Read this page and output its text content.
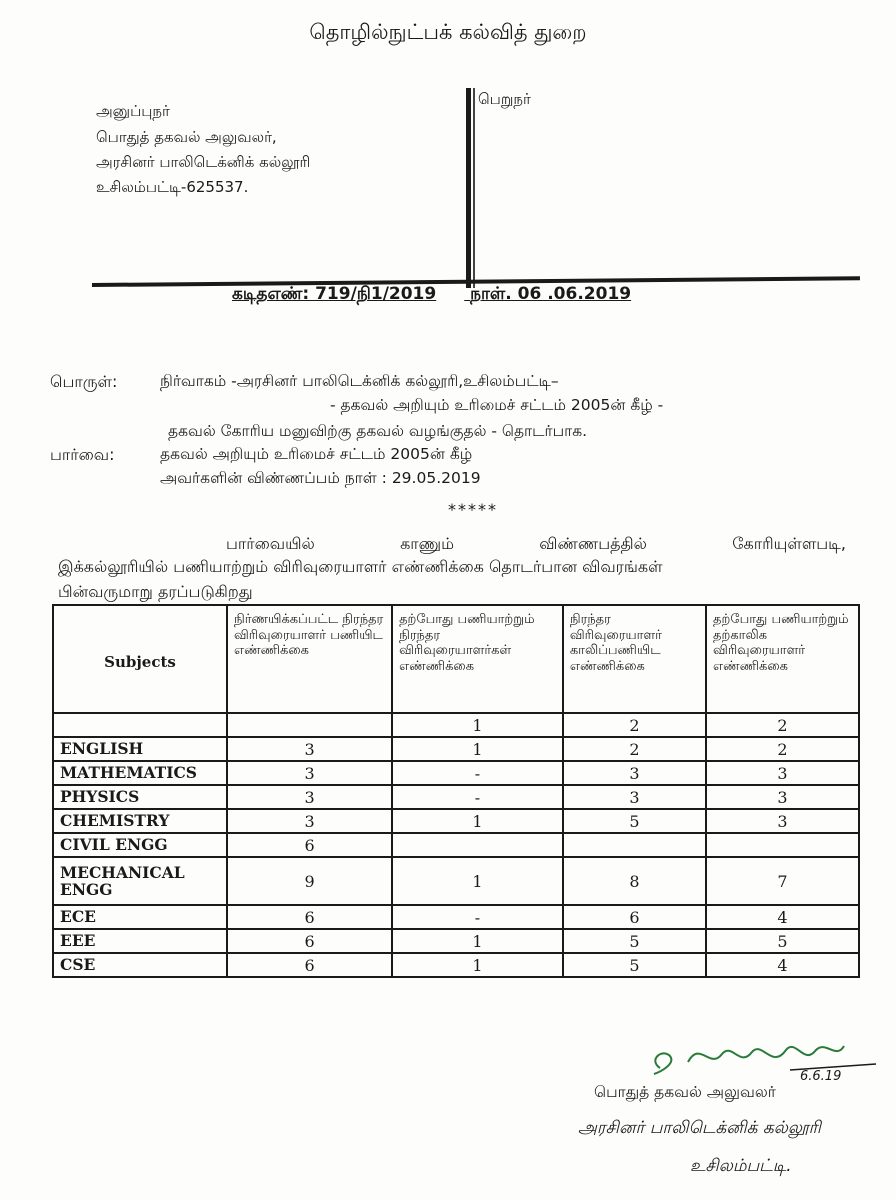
தொழில்நுட்பக் கல்வித் துறை
அனுப்புநர்
பொதுத் தகவல் அலுவலர்,
அரசினர் பாலிடெக்னிக் கல்லூரி
உசிலம்பட்டி-625537.
பெறுநர்
கடிதஎண்: 719/நி1/2019 நாள். 06 .06.2019
பொருள்:	நிர்வாகம் -அரசினர் பாலிடெக்னிக் கல்லூரி,உசிலம்பட்டி–
- தகவல் அறியும் உரிமைச் சட்டம் 2005ன் கீழ் -
தகவல் கோரிய மனுவிற்கு தகவல் வழங்குதல் - தொடர்பாக.
பார்வை:	தகவல் அறியும் உரிமைச் சட்டம் 2005ன் கீழ்
அவர்களின் விண்ணப்பம் நாள் : 29.05.2019
*****
பார்வையில்	காணும்	விண்ணபத்தில்	கோரியுள்ளபடி,
இக்கல்லூரியில் பணியாற்றும் விரிவுரையாளர் எண்ணிக்கை தொடர்பான விவரங்கள்
பின்வருமாறு தரப்படுகிறது
Subjects	நிர்ணயிக்கப்பட்ட நிரந்தர விரிவுரையாளர் பணியிட எண்ணிக்கை	தற்போது பணியாற்றும் நிரந்தர விரிவுரையாளர்கள் எண்ணிக்கை	நிரந்தர விரிவுரையாளர் காலிப்பணியிட எண்ணிக்கை	தற்போது பணியாற்றும் தற்காலிக விரிவுரையாளர் எண்ணிக்கை
		1	2	2
ENGLISH	3	1	2	2
MATHEMATICS	3	-	3	3
PHYSICS	3	-	3	3
CHEMISTRY	3	1	5	3
CIVIL ENGG	6			
MECHANICAL ENGG	9	1	8	7
ECE	6	-	6	4
EEE	6	1	5	5
CSE	6	1	5	4
6.6.19
பொதுத் தகவல் அலுவலர்
அரசினர் பாலிடெக்னிக் கல்லூரி
உசிலம்பட்டி.
